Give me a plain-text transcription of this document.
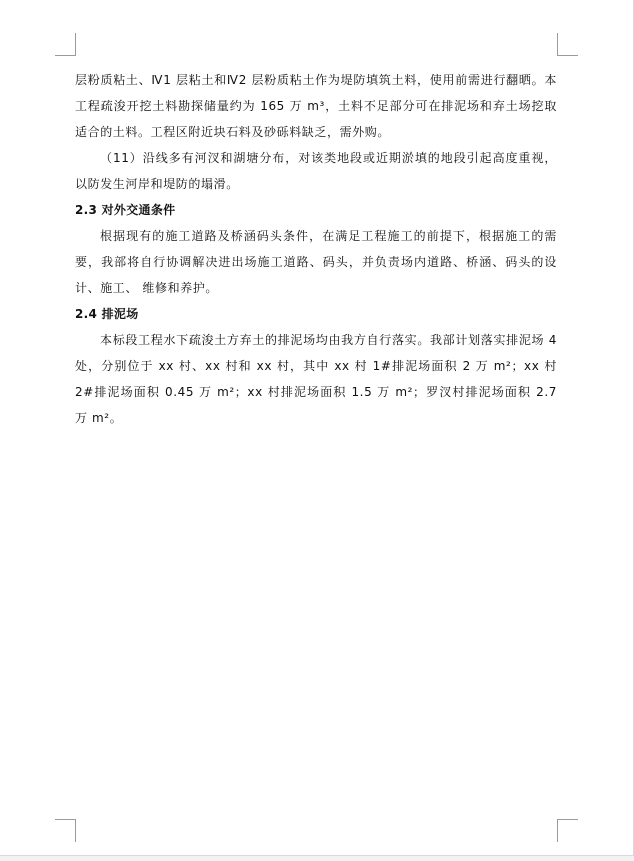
层粉质粘土、Ⅳ1 层粘土和Ⅳ2 层粉质粘土作为堤防填筑土料，使用前需进行翻晒。本工程疏浚开挖土料勘探储量约为 165 万 m³，土料不足部分可在排泥场和弃土场挖取适合的土料。工程区附近块石料及砂砾料缺乏，需外购。

（11）沿线多有河汊和湖塘分布，对该类地段或近期淤填的地段引起高度重视，以防发生河岸和堤防的塌滑。

2.3 对外交通条件

根据现有的施工道路及桥涵码头条件，在满足工程施工的前提下，根据施工的需要，我部将自行协调解决进出场施工道路、码头，并负责场内道路、桥涵、码头的设计、施工、 维修和养护。

2.4 排泥场

本标段工程水下疏浚土方弃土的排泥场均由我方自行落实。我部计划落实排泥场 4 处，分别位于 xx 村、xx 村和 xx 村，其中 xx 村 1#排泥场面积 2 万 m²；xx 村 2#排泥场面积 0.45 万 m²；xx 村排泥场面积 1.5 万 m²；罗汊村排泥场面积 2.7 万 m²。
